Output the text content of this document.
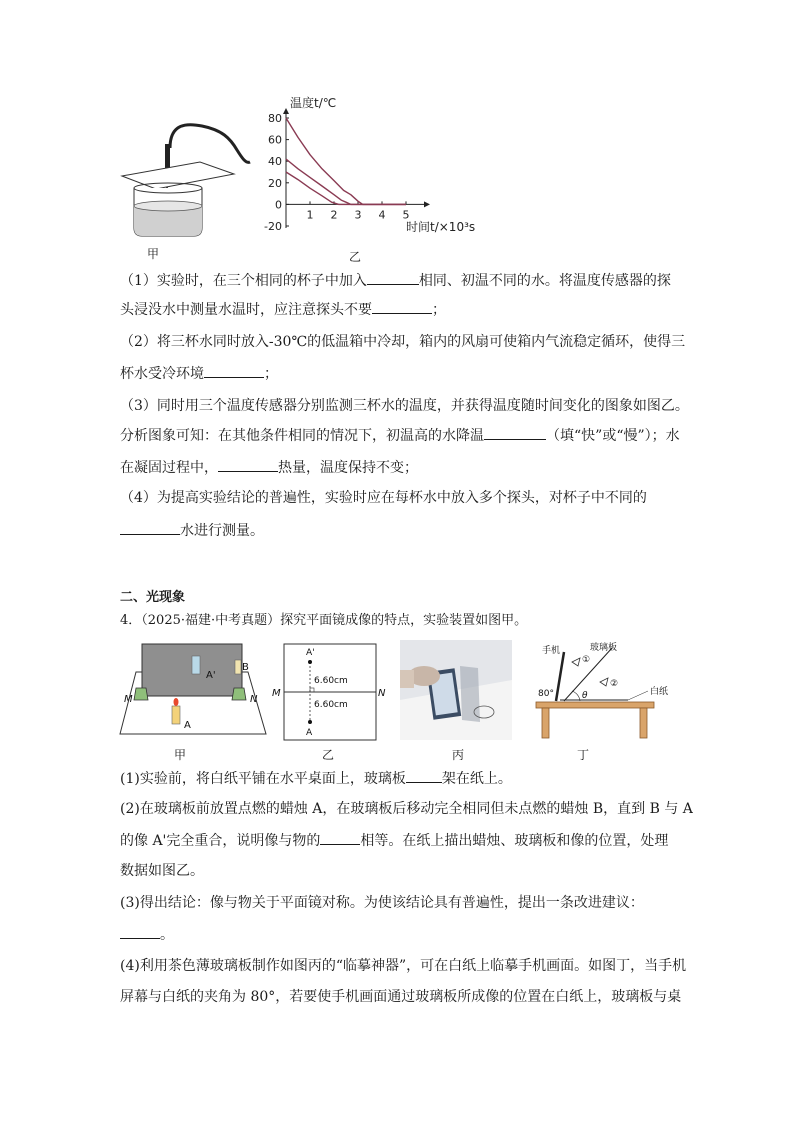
甲
80
60
40
20
0
-20
1 2 3 4 5
温度t/℃
时间t/×10³s
乙
（1）实验时，在三个相同的杯子中加入	相同、初温不同的水。将温度传感器的探
头浸没水中测量水温时，应注意探头不要	；
（2）将三杯水同时放入-30℃的低温箱中冷却，箱内的风扇可使箱内气流稳定循环，使得三
杯水受冷环境	；
（3）同时用三个温度传感器分别监测三杯水的温度，并获得温度随时间变化的图象如图乙。
分析图象可知：在其他条件相同的情况下，初温高的水降温	（填“快”或“慢”）；水
在凝固过程中，	热量，温度保持不变；
（4）为提高实验结论的普遍性，实验时应在每杯水中放入多个探头，对杯子中不同的
水进行测量。
二、光现象
4．（2025·福建·中考真题）探究平面镜成像的特点，实验装置如图甲。
A'
B
A
M	N
甲
A'
A
M	N
6.60cm
6.60cm
乙	丙
手机	玻璃板
白纸
80°	θ
①
②
丁
(1)实验前，将白纸平铺在水平桌面上，玻璃板	架在纸上。
(2)在玻璃板前放置点燃的蜡烛 A，在玻璃板后移动完全相同但未点燃的蜡烛 B，直到 B 与 A
的像 A'完全重合，说明像与物的	相等。在纸上描出蜡烛、玻璃板和像的位置，处理
数据如图乙。
(3)得出结论：像与物关于平面镜对称。为使该结论具有普遍性，提出一条改进建议：
。
(4)利用茶色薄玻璃板制作如图丙的“临摹神器”，可在白纸上临摹手机画面。如图丁，当手机
屏幕与白纸的夹角为 80°，若要使手机画面通过玻璃板所成像的位置在白纸上，玻璃板与桌
